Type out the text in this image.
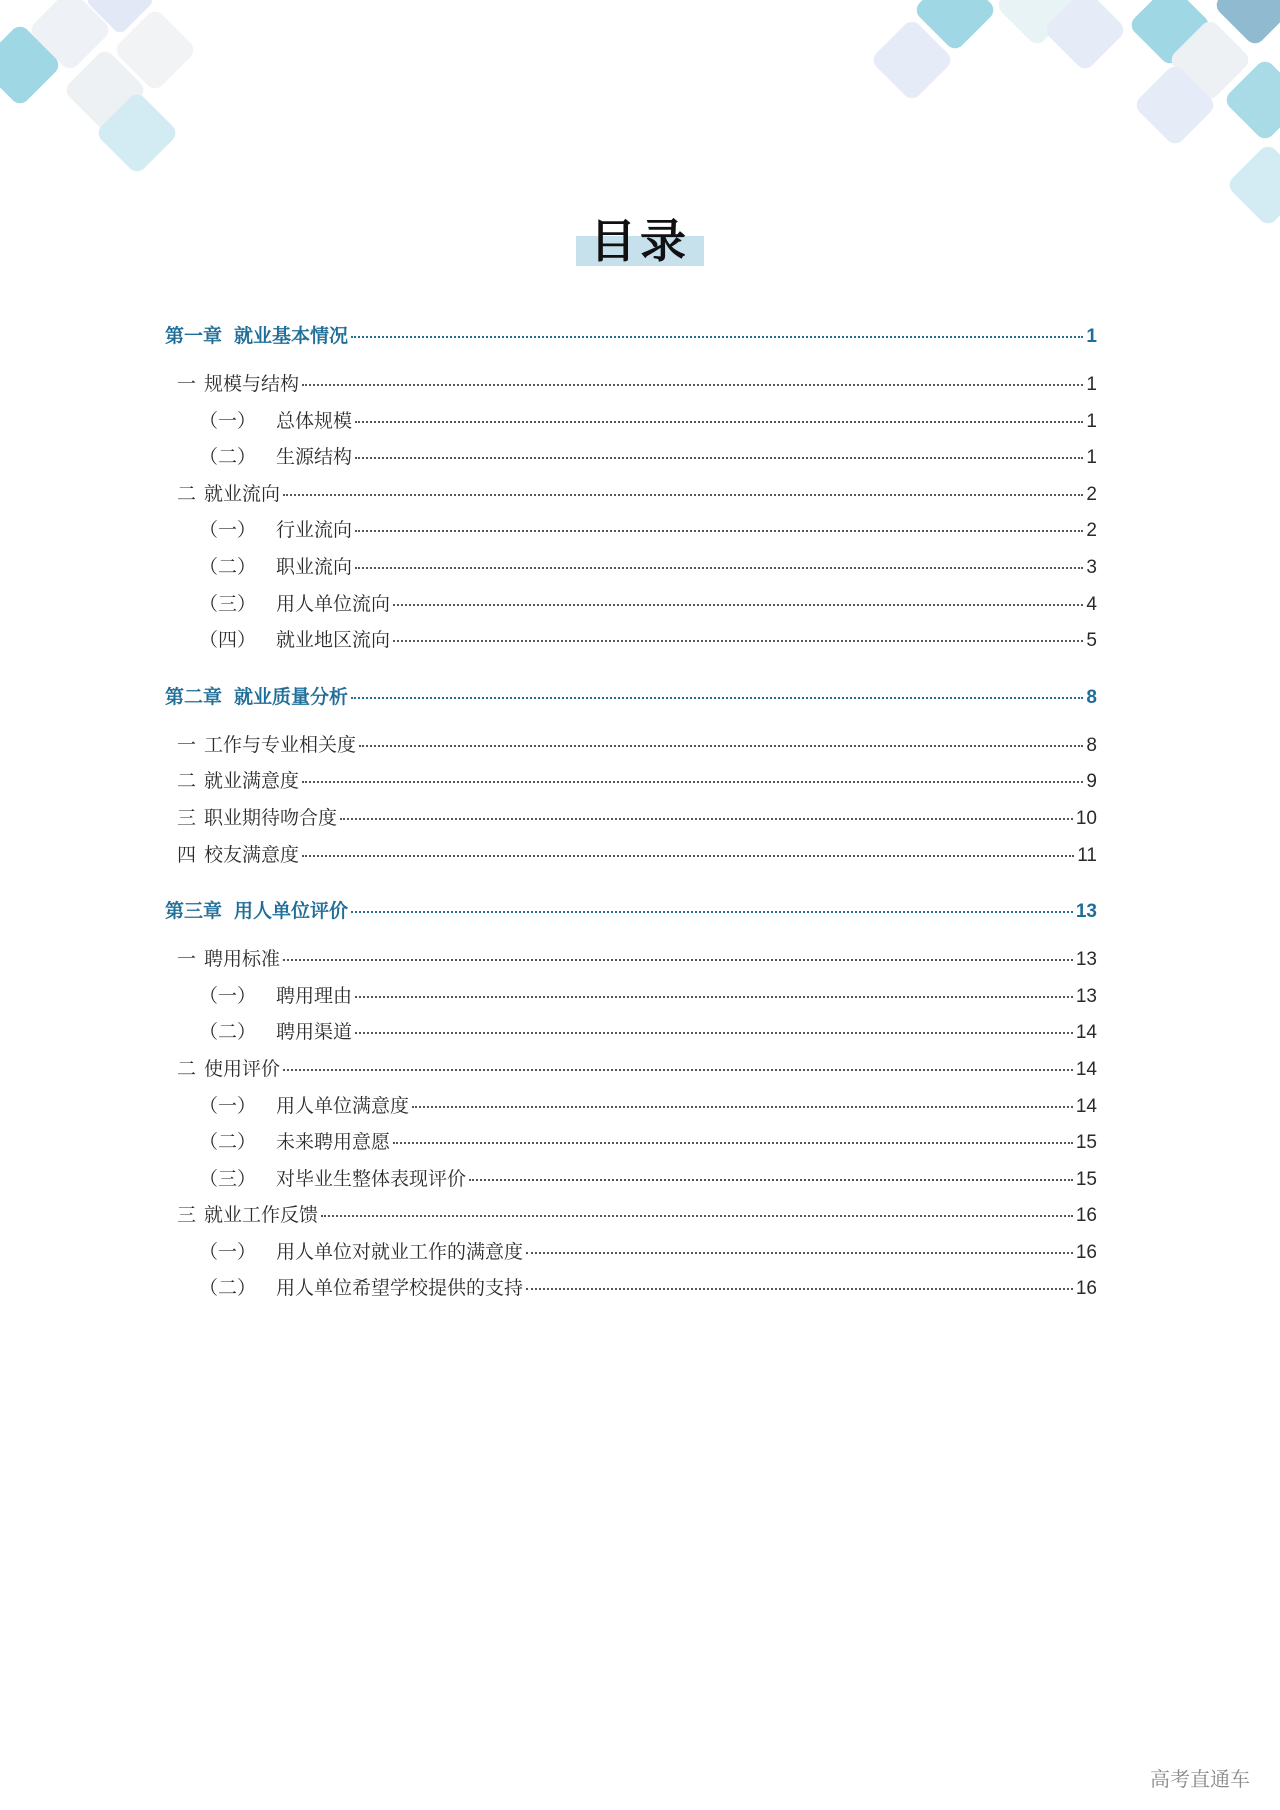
目录
第一章 就业基本情况	1
一 规模与结构	1
（一） 总体规模	1
（二） 生源结构	1
二 就业流向	2
（一） 行业流向	2
（二） 职业流向	3
（三） 用人单位流向	4
（四） 就业地区流向	5
第二章 就业质量分析	8
一 工作与专业相关度	8
二 就业满意度	9
三 职业期待吻合度	10
四 校友满意度	11
第三章 用人单位评价	13
一 聘用标准	13
（一） 聘用理由	13
（二） 聘用渠道	14
二 使用评价	14
（一） 用人单位满意度	14
（二） 未来聘用意愿	15
（三） 对毕业生整体表现评价	15
三 就业工作反馈	16
（一） 用人单位对就业工作的满意度	16
（二） 用人单位希望学校提供的支持	16
高考直通车
